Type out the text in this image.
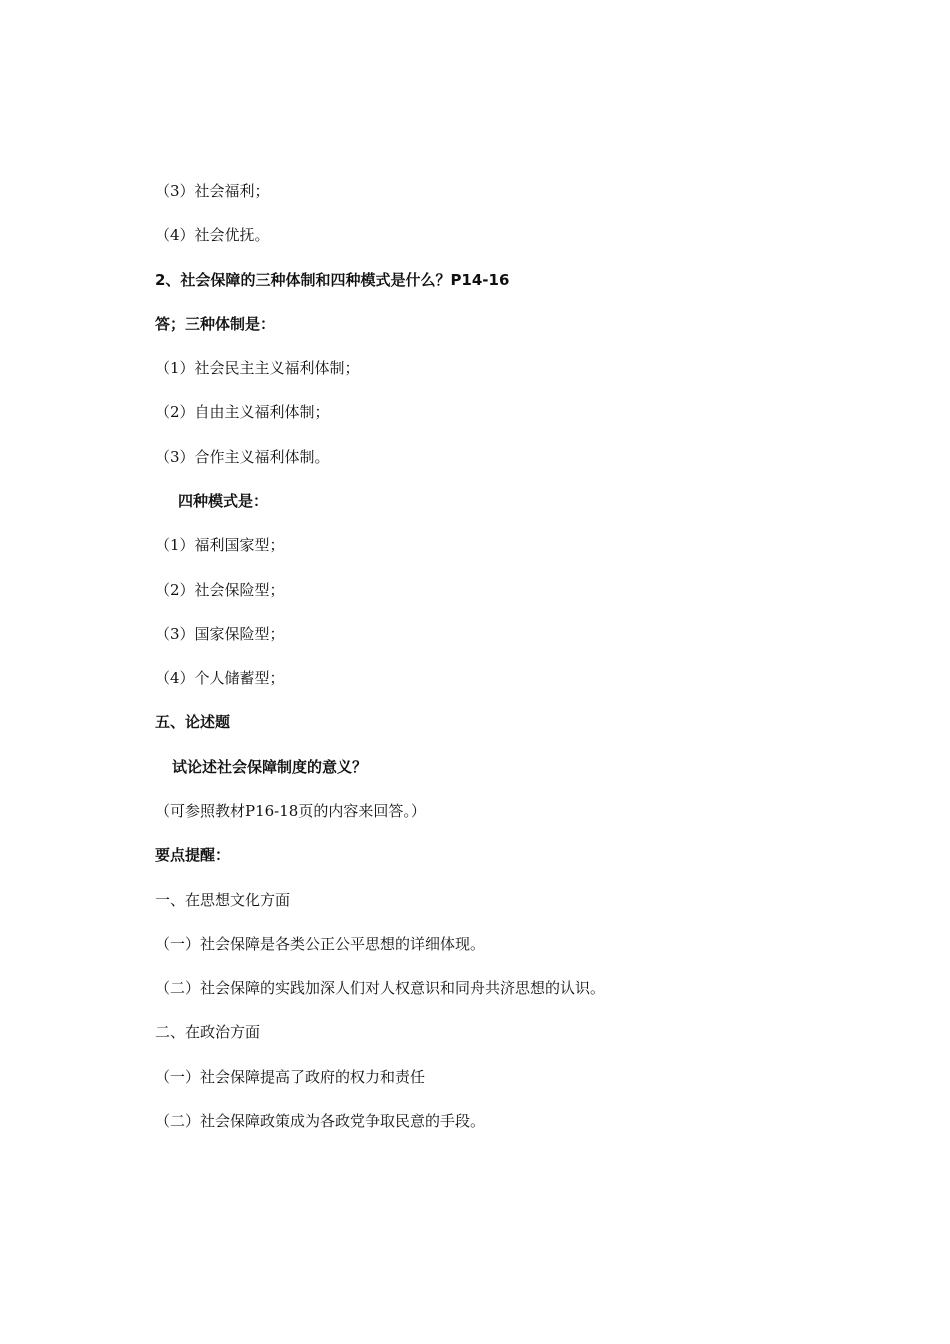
（3）社会福利；
（4）社会优抚。
2、社会保障的三种体制和四种模式是什么？P14-16
答；三种体制是：
（1）社会民主主义福利体制；
（2）自由主义福利体制；
（3）合作主义福利体制。
四种模式是：
（1）福利国家型；
（2）社会保险型；
（3）国家保险型；
（4）个人储蓄型；
五、论述题
试论述社会保障制度的意义？
（可参照教材P16-18页的内容来回答。）
要点提醒：
一、在思想文化方面
（一）社会保障是各类公正公平思想的详细体现。
（二）社会保障的实践加深人们对人权意识和同舟共济思想的认识。
二、在政治方面
（一）社会保障提高了政府的权力和责任
（二）社会保障政策成为各政党争取民意的手段。
